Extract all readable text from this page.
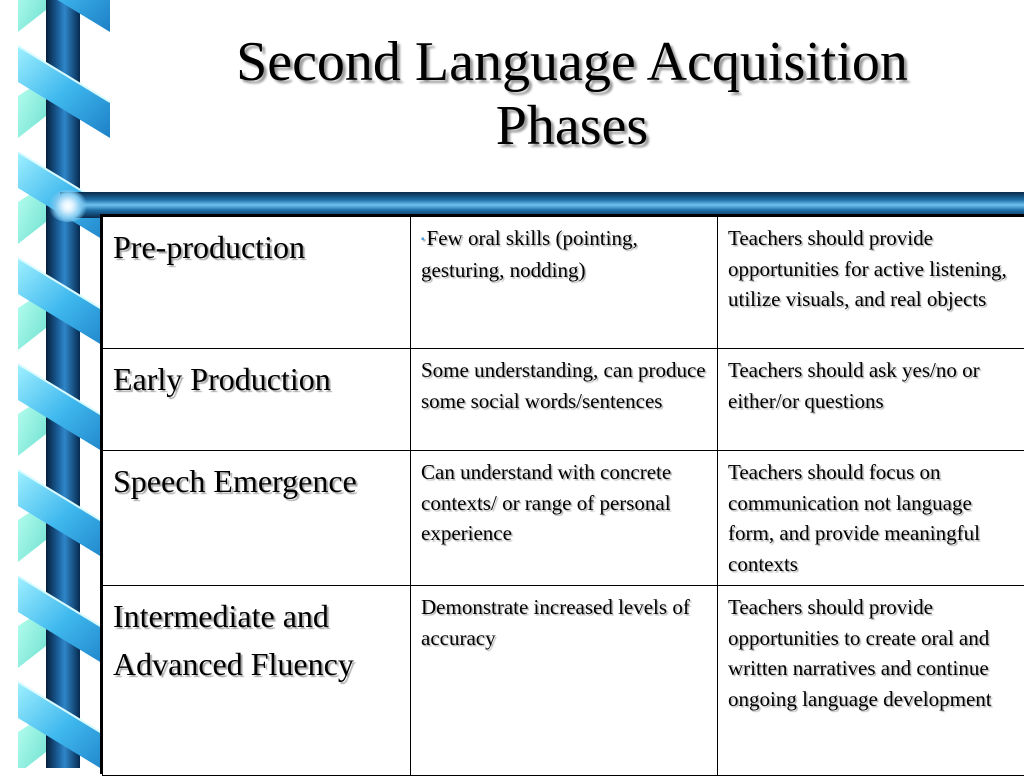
Second Language Acquisition
Phases
Pre-production	▪Few oral skills (pointing, gesturing, nodding)	Teachers should provide opportunities for active listening, utilize visuals, and real objects

Early Production	Some understanding, can produce some social words/sentences	Teachers should ask yes/no or either/or questions

Speech Emergence	Can understand with concrete contexts/ or range of personal experience	Teachers should focus on communication not language form, and provide meaningful contexts

Intermediate and Advanced Fluency	Demonstrate increased levels of accuracy	Teachers should provide opportunities to create oral and written narratives and continue ongoing language development
